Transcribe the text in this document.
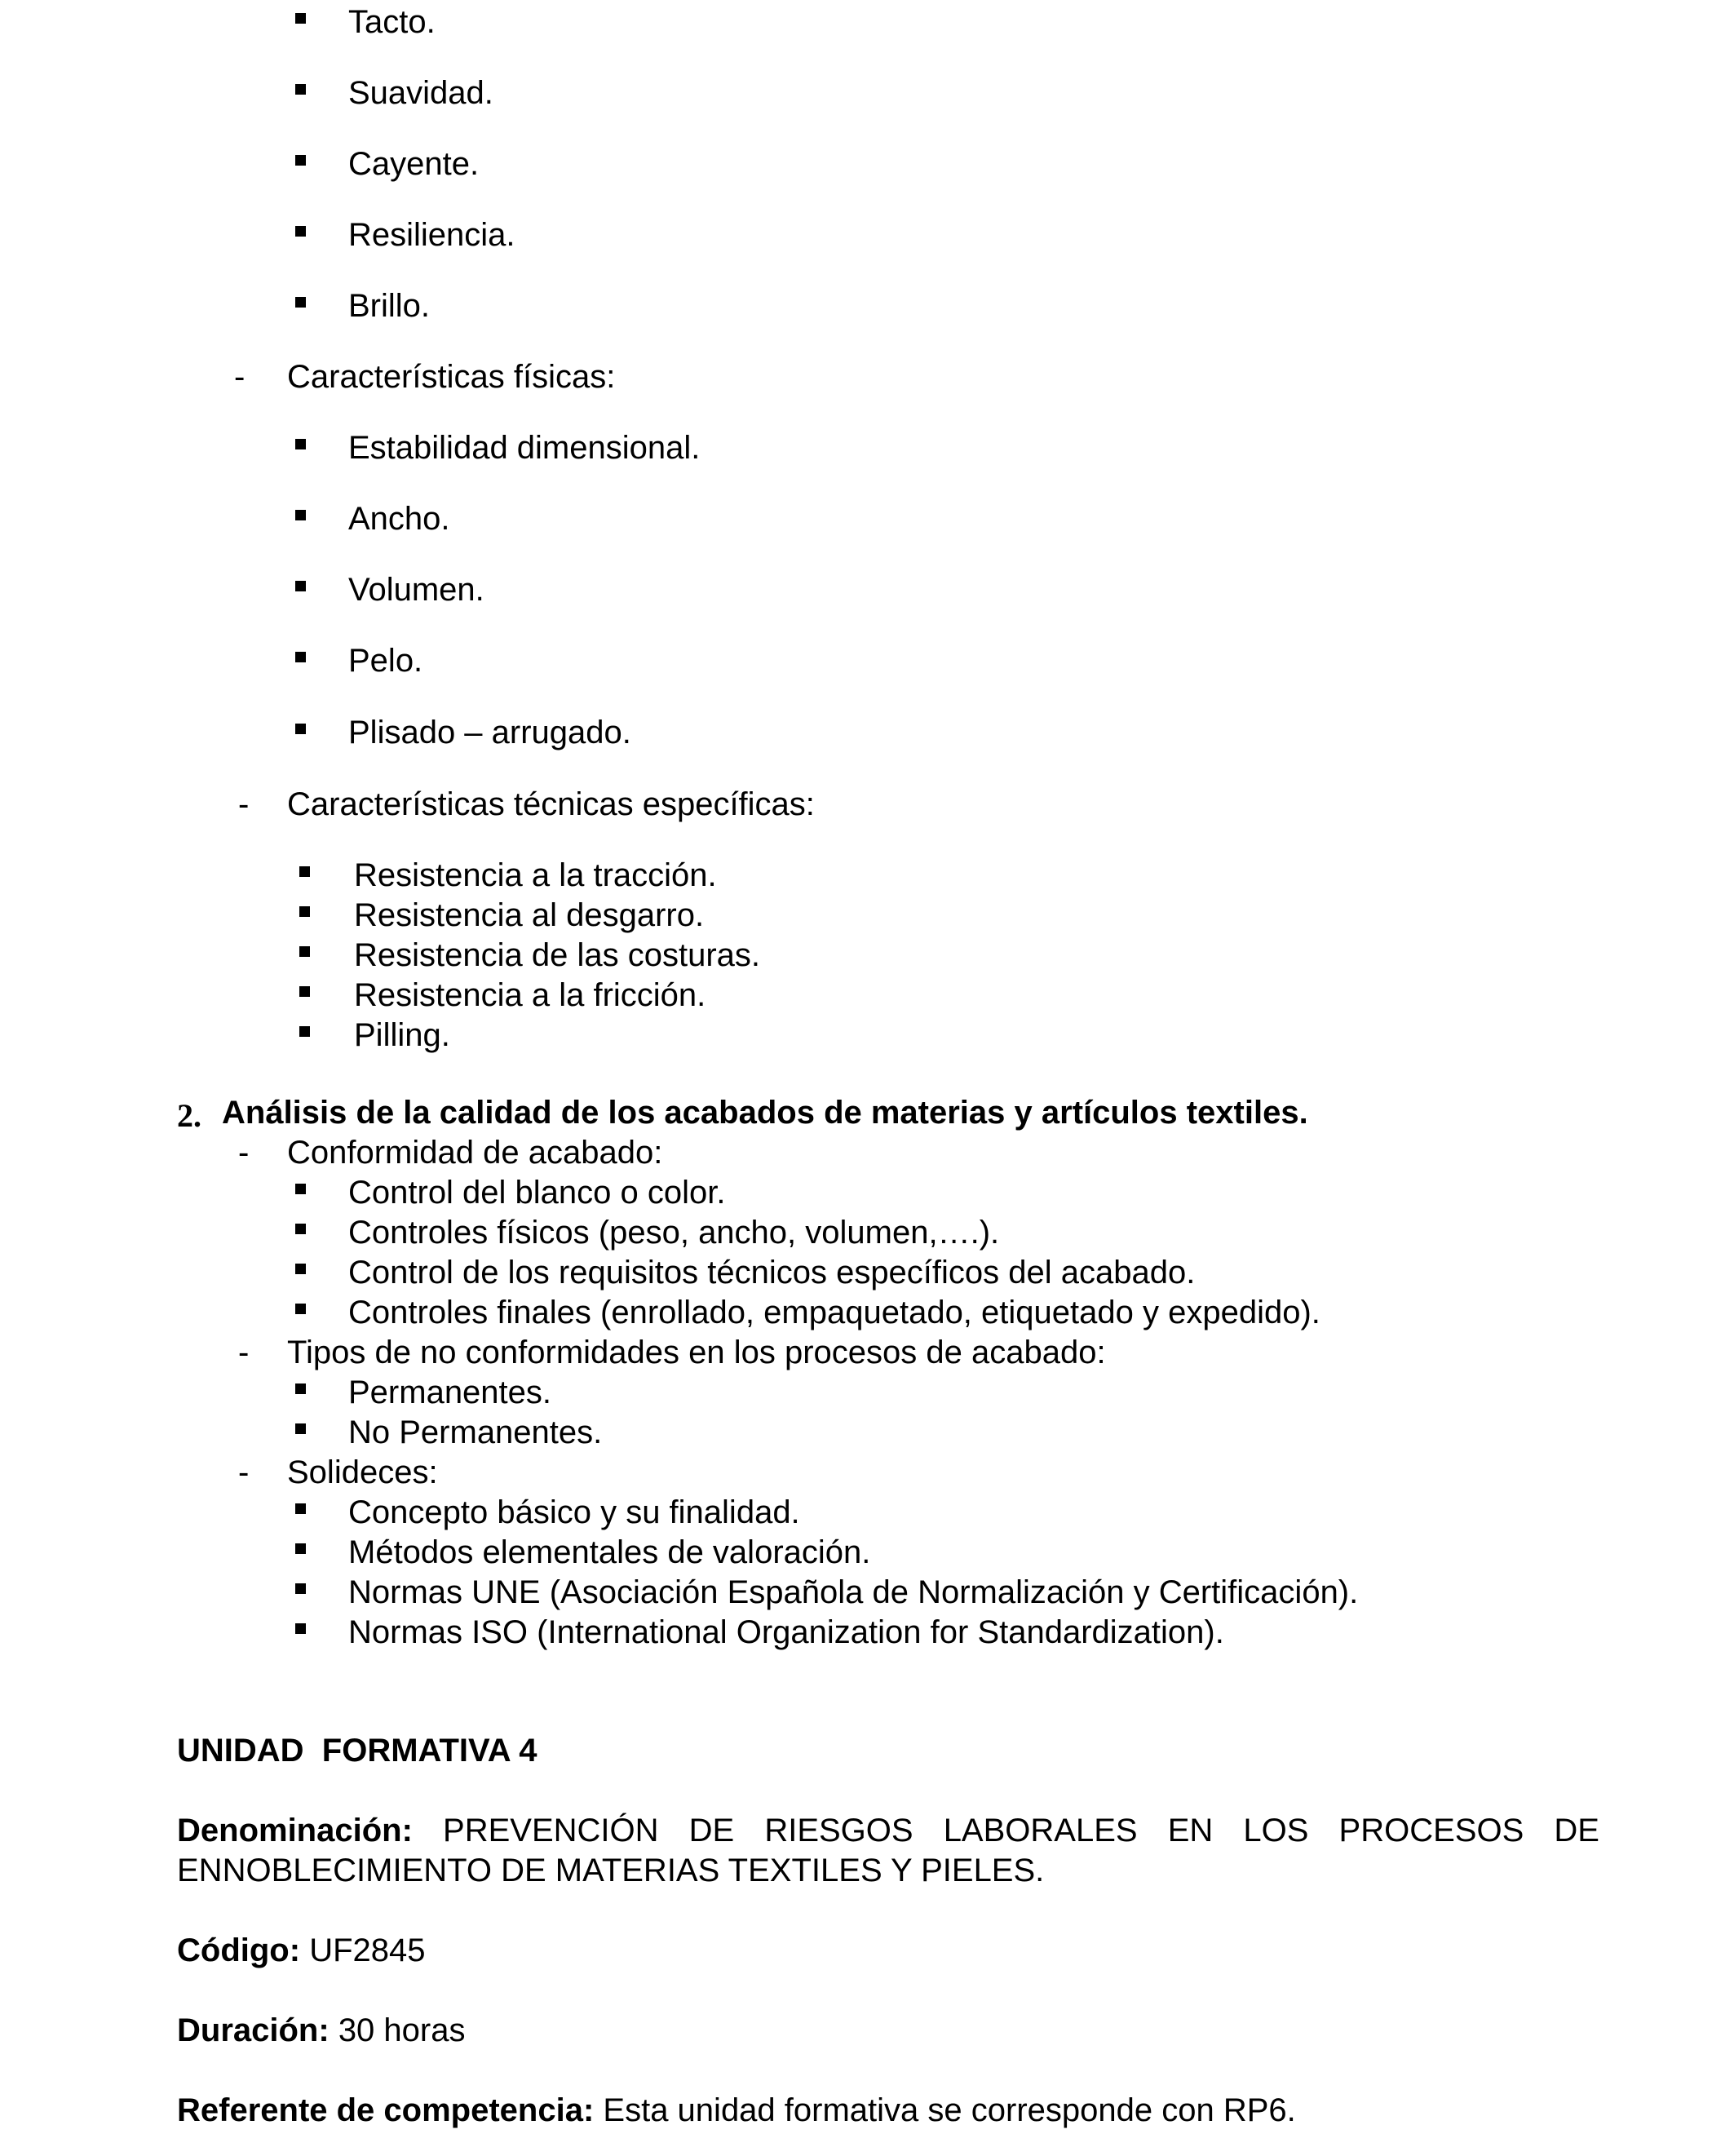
Tacto.
Suavidad.
Cayente.
Resiliencia.
Brillo.
- Características físicas:
Estabilidad dimensional.
Ancho.
Volumen.
Pelo.
Plisado – arrugado.
- Características técnicas específicas:
Resistencia a la tracción.
Resistencia al desgarro.
Resistencia de las costuras.
Resistencia a la fricción.
Pilling.
2. Análisis de la calidad de los acabados de materias y artículos textiles.
- Conformidad de acabado:
Control del blanco o color.
Controles físicos (peso, ancho, volumen,….).
Control de los requisitos técnicos específicos del acabado.
Controles finales (enrollado, empaquetado, etiquetado y expedido).
- Tipos de no conformidades en los procesos de acabado:
Permanentes.
No Permanentes.
- Solideces:
Concepto básico y su finalidad.
Métodos elementales de valoración.
Normas UNE (Asociación Española de Normalización y Certificación).
Normas ISO (International Organization for Standardization).
UNIDAD  FORMATIVA 4
Denominación: PREVENCIÓN DE RIESGOS LABORALES EN LOS PROCESOS DE
ENNOBLECIMIENTO DE MATERIAS TEXTILES Y PIELES.
Código: UF2845
Duración: 30 horas
Referente de competencia: Esta unidad formativa se corresponde con RP6.
